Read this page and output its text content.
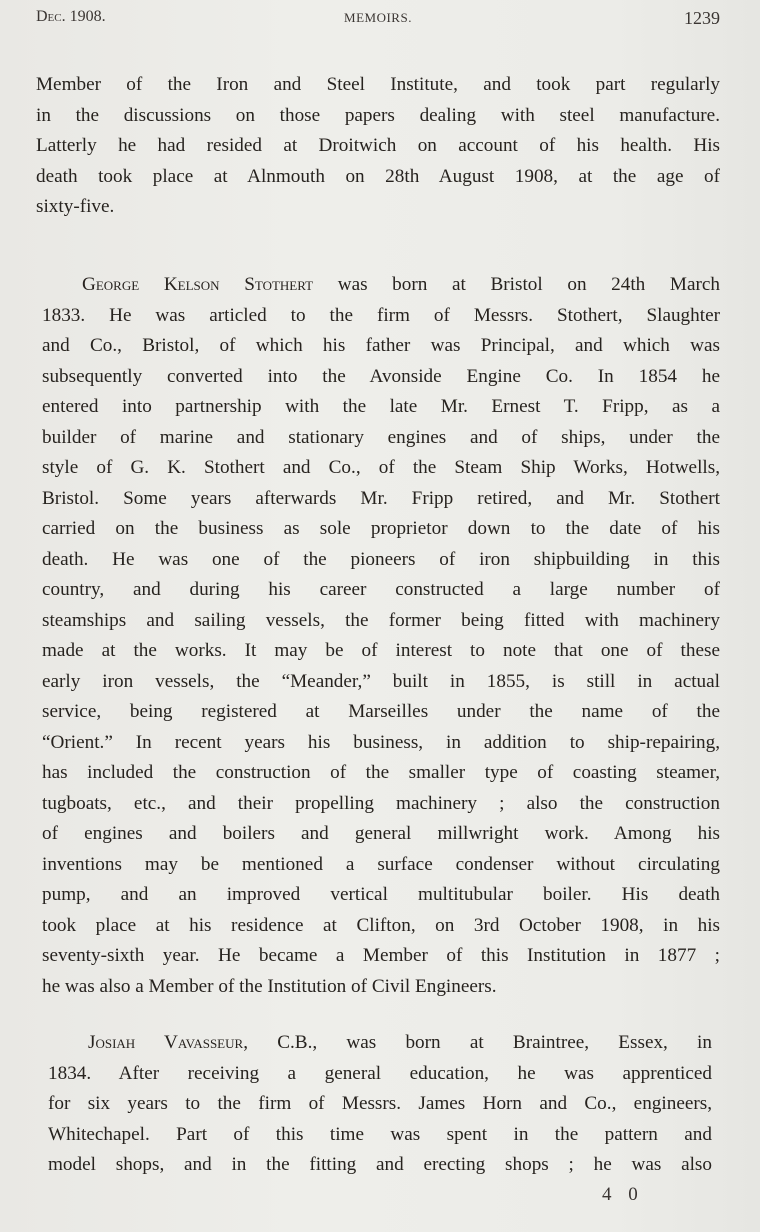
Dec. 1908.	MEMOIRS.	1239
Member of the Iron and Steel Institute, and took part regularly
in the discussions on those papers dealing with steel manufacture.
Latterly he had resided at Droitwich on account of his health. His
death took place at Alnmouth on 28th August 1908, at the age of
sixty-five.
George Kelson Stothert was born at Bristol on 24th March
1833. He was articled to the firm of Messrs. Stothert, Slaughter
and Co., Bristol, of which his father was Principal, and which was
subsequently converted into the Avonside Engine Co. In 1854 he
entered into partnership with the late Mr. Ernest T. Fripp, as a
builder of marine and stationary engines and of ships, under the
style of G. K. Stothert and Co., of the Steam Ship Works, Hotwells,
Bristol. Some years afterwards Mr. Fripp retired, and Mr. Stothert
carried on the business as sole proprietor down to the date of his
death. He was one of the pioneers of iron shipbuilding in this
country, and during his career constructed a large number of
steamships and sailing vessels, the former being fitted with machinery
made at the works. It may be of interest to note that one of these
early iron vessels, the “Meander,” built in 1855, is still in actual
service, being registered at Marseilles under the name of the
“Orient.” In recent years his business, in addition to ship-repairing,
has included the construction of the smaller type of coasting steamer,
tugboats, etc., and their propelling machinery ; also the construction
of engines and boilers and general millwright work. Among his
inventions may be mentioned a surface condenser without circulating
pump, and an improved vertical multitubular boiler. His death
took place at his residence at Clifton, on 3rd October 1908, in his
seventy-sixth year. He became a Member of this Institution in 1877 ;
he was also a Member of the Institution of Civil Engineers.
Josiah Vavasseur, C.B., was born at Braintree, Essex, in
1834. After receiving a general education, he was apprenticed
for six years to the firm of Messrs. James Horn and Co., engineers,
Whitechapel. Part of this time was spent in the pattern and
model shops, and in the fitting and erecting shops ; he was also
4 0
